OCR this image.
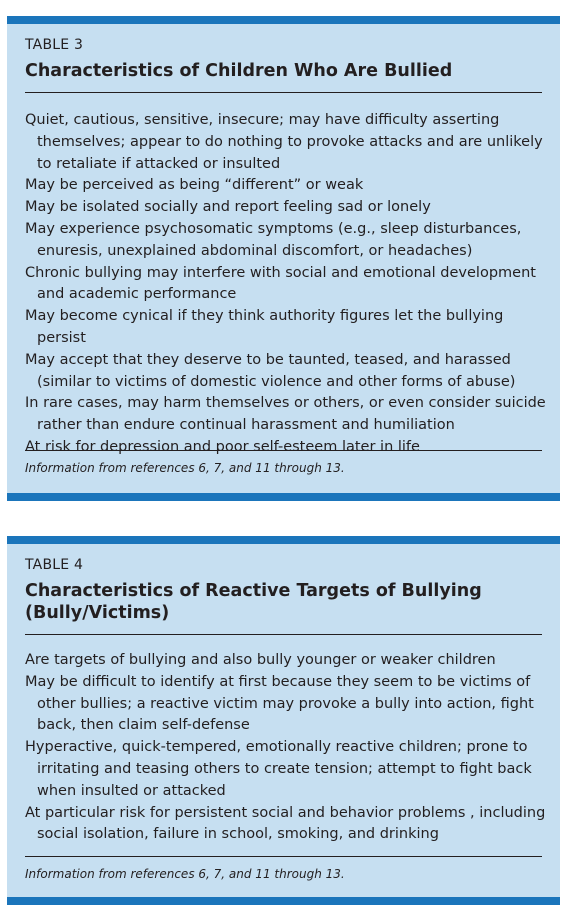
TABLE 3
Characteristics of Children Who Are Bullied
Quiet, cautious, sensitive, insecure; may have difficulty asserting themselves; appear to do nothing to provoke attacks and are unlikely to retaliate if attacked or insulted
May be perceived as being “different” or weak
May be isolated socially and report feeling sad or lonely
May experience psychosomatic symptoms (e.g., sleep disturbances, enuresis, unexplained abdominal discomfort, or headaches)
Chronic bullying may interfere with social and emotional development and academic performance
May become cynical if they think authority figures let the bullying persist
May accept that they deserve to be taunted, teased, and harassed (similar to victims of domestic violence and other forms of abuse)
In rare cases, may harm themselves or others, or even consider suicide rather than endure continual harassment and humiliation
At risk for depression and poor self-esteem later in life
Information from references 6, 7, and 11 through 13.
TABLE 4
Characteristics of Reactive Targets of Bullying
(Bully/Victims)
Are targets of bullying and also bully younger or weaker children
May be difficult to identify at first because they seem to be victims of other bullies; a reactive victim may provoke a bully into action, fight back, then claim self-defense
Hyperactive, quick-tempered, emotionally reactive children; prone to irritating and teasing others to create tension; attempt to fight back when insulted or attacked
At particular risk for persistent social and behavior problems , including social isolation, failure in school, smoking, and drinking
Information from references 6, 7, and 11 through 13.
